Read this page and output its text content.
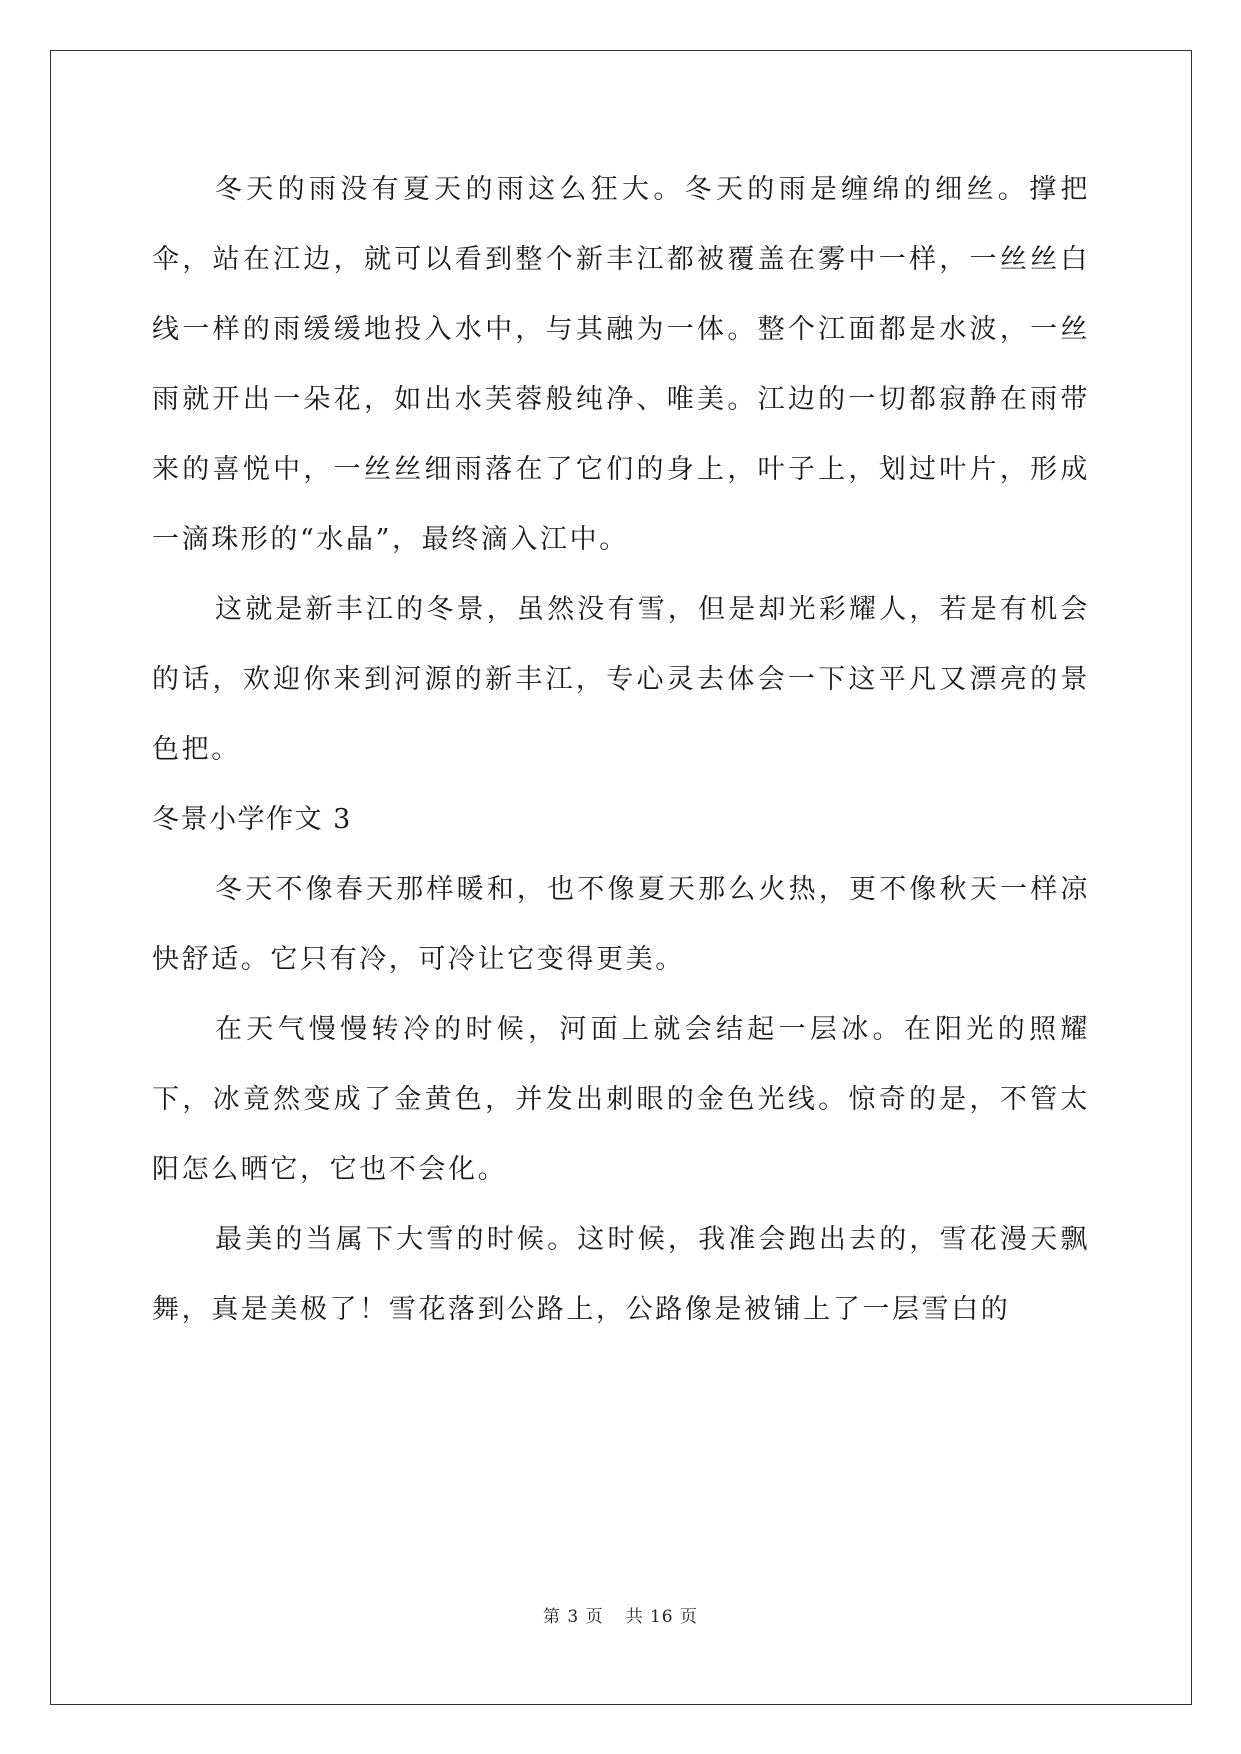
冬天的雨没有夏天的雨这么狂大。冬天的雨是缠绵的细丝。撑把伞，站在江边，就可以看到整个新丰江都被覆盖在雾中一样，一丝丝白线一样的雨缓缓地投入水中，与其融为一体。整个江面都是水波，一丝雨就开出一朵花，如出水芙蓉般纯净、唯美。江边的一切都寂静在雨带来的喜悦中，一丝丝细雨落在了它们的身上，叶子上，划过叶片，形成一滴珠形的“水晶”，最终滴入江中。

这就是新丰江的冬景，虽然没有雪，但是却光彩耀人，若是有机会的话，欢迎你来到河源的新丰江，专心灵去体会一下这平凡又漂亮的景色把。

冬景小学作文 3

冬天不像春天那样暖和，也不像夏天那么火热，更不像秋天一样凉快舒适。它只有冷，可冷让它变得更美。

在天气慢慢转冷的时候，河面上就会结起一层冰。在阳光的照耀下，冰竟然变成了金黄色，并发出刺眼的金色光线。惊奇的是，不管太阳怎么晒它，它也不会化。

最美的当属下大雪的时候。这时候，我准会跑出去的，雪花漫天飘舞，真是美极了！雪花落到公路上，公路像是被铺上了一层雪白的

第 3 页 共 16 页
